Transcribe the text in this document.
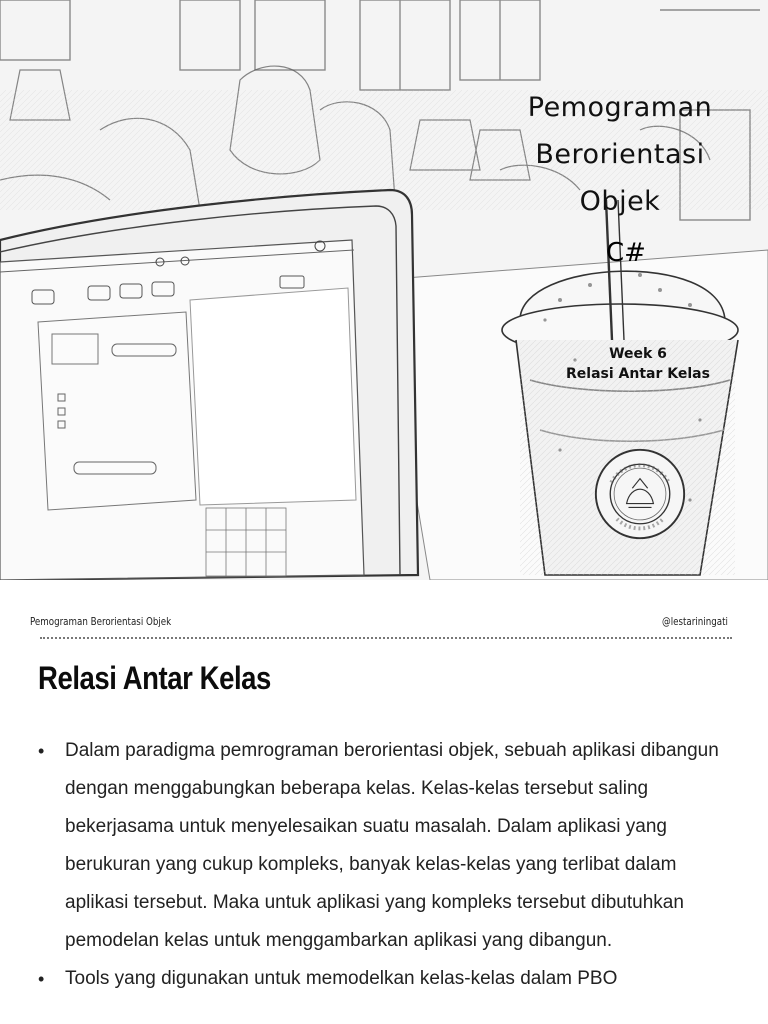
Pemograman
Berorientasi
Objek
C#
Week 6
Relasi Antar Kelas
Pemograman Berorientasi Objek	@lestariningati
Relasi Antar Kelas
• Dalam paradigma pemrograman berorientasi objek, sebuah aplikasi dibangun dengan menggabungkan beberapa kelas. Kelas-kelas tersebut saling bekerjasama untuk menyelesaikan suatu masalah. Dalam aplikasi yang berukuran yang cukup kompleks, banyak kelas-kelas yang terlibat dalam aplikasi tersebut. Maka untuk aplikasi yang kompleks tersebut dibutuhkan pemodelan kelas untuk menggambarkan aplikasi yang dibangun.
• Tools yang digunakan untuk memodelkan kelas-kelas dalam PBO
